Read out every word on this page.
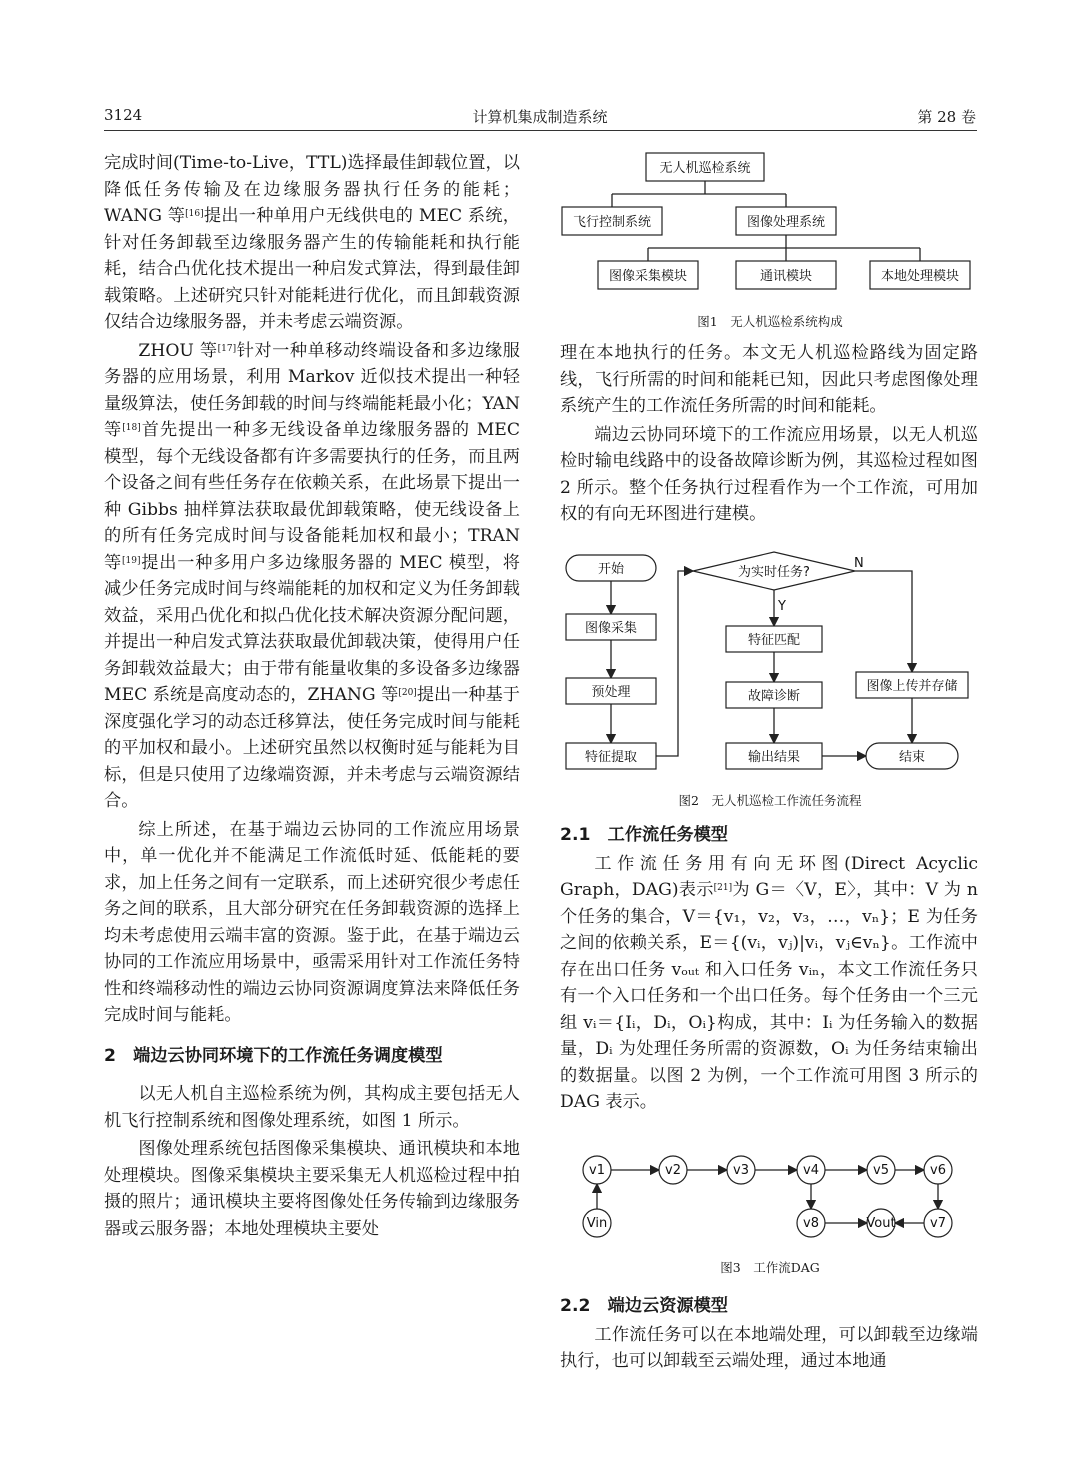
3124	计算机集成制造系统	第 28 卷

完成时间(Time-to-Live，TTL)选择最佳卸载位置，以降低任务传输及在边缘服务器执行任务的能耗；WANG 等[16]提出一种单用户无线供电的 MEC 系统，针对任务卸载至边缘服务器产生的传输能耗和执行能耗，结合凸优化技术提出一种启发式算法，得到最佳卸载策略。上述研究只针对能耗进行优化，而且卸载资源仅结合边缘服务器，并未考虑云端资源。

ZHOU 等[17]针对一种单移动终端设备和多边缘服务器的应用场景，利用 Markov 近似技术提出一种轻量级算法，使任务卸载的时间与终端能耗最小化；YAN 等[18]首先提出一种多无线设备单边缘服务器的 MEC 模型，每个无线设备都有许多需要执行的任务，而且两个设备之间有些任务存在依赖关系，在此场景下提出一种 Gibbs 抽样算法获取最优卸载策略，使无线设备上的所有任务完成时间与设备能耗加权和最小；TRAN 等[19]提出一种多用户多边缘服务器的 MEC 模型，将减少任务完成时间与终端能耗的加权和定义为任务卸载效益，采用凸优化和拟凸优化技术解决资源分配问题，并提出一种启发式算法获取最优卸载决策，使得用户任务卸载效益最大；由于带有能量收集的多设备多边缘器 MEC 系统是高度动态的，ZHANG 等[20]提出一种基于深度强化学习的动态迁移算法，使任务完成时间与能耗的平加权和最小。上述研究虽然以权衡时延与能耗为目标，但是只使用了边缘端资源，并未考虑与云端资源结合。

综上所述，在基于端边云协同的工作流应用场景中，单一优化并不能满足工作流低时延、低能耗的要求，加上任务之间有一定联系，而上述研究很少考虑任务之间的联系，且大部分研究在任务卸载资源的选择上均未考虑使用云端丰富的资源。鉴于此，在基于端边云协同的工作流应用场景中，亟需采用针对工作流任务特性和终端移动性的端边云协同资源调度算法来降低任务完成时间与能耗。

2　端边云协同环境下的工作流任务调度模型

以无人机自主巡检系统为例，其构成主要包括无人机飞行控制系统和图像处理系统，如图 1 所示。

图像处理系统包括图像采集模块、通讯模块和本地处理模块。图像采集模块主要采集无人机巡检过程中拍摄的照片；通讯模块主要将图像处任务传输到边缘服务器或云服务器；本地处理模块主要处

无人机巡检系统
飞行控制系统	图像处理系统
图像采集模块	通讯模块	本地处理模块
图1　无人机巡检系统构成

理在本地执行的任务。本文无人机巡检路线为固定路线，飞行所需的时间和能耗已知，因此只考虑图像处理系统产生的工作流任务所需的时间和能耗。

端边云协同环境下的工作流应用场景，以无人机巡检时输电线路中的设备故障诊断为例，其巡检过程如图 2 所示。整个任务执行过程看作为一个工作流，可用加权的有向无环图进行建模。

开始
图像采集
预处理
特征提取
为实时任务?
Y
N
特征匹配
故障诊断
输出结果
图像上传并存储
结束
图2　无人机巡检工作流任务流程

2.1　工作流任务模型

工作流任务用有向无环图(Direct Acyclic Graph，DAG)表示[21]为 G＝〈V，E〉，其中：V 为 n 个任务的集合，V＝{v₁，v₂，v₃，…，vₙ}；E 为任务之间的依赖关系，E＝{(vᵢ，vⱼ)|vᵢ，vⱼ∈vₙ}。工作流中存在出口任务 vₒᵤₜ 和入口任务 vᵢₙ，本文工作流任务只有一个入口任务和一个出口任务。每个任务由一个三元组 vᵢ＝{Iᵢ，Dᵢ，Oᵢ}构成，其中：Iᵢ 为任务输入的数据量，Dᵢ 为处理任务所需的资源数，Oᵢ 为任务结束输出的数据量。以图 2 为例，一个工作流可用图 3 所示的 DAG 表示。

v1	v2	v3	v4	v5	v6
Vin	v8	Vout	v7
图3　工作流DAG

2.2　端边云资源模型

工作流任务可以在本地端处理，可以卸载至边缘端执行，也可以卸载至云端处理，通过本地通
